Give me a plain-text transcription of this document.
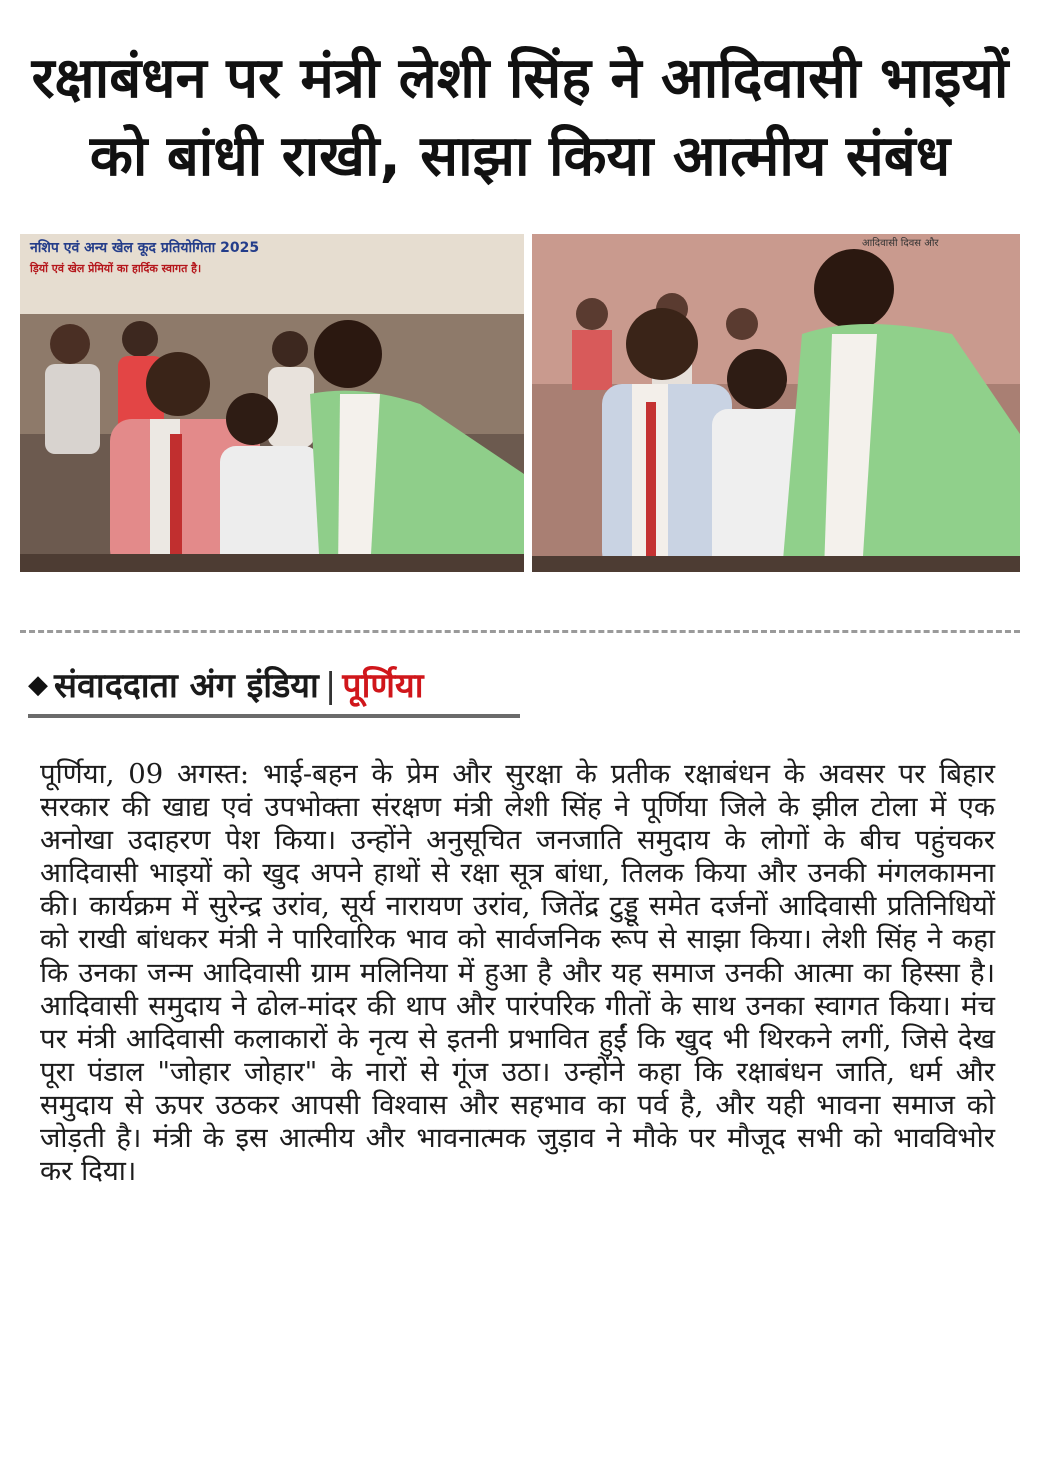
रक्षाबंधन पर मंत्री लेशी सिंह ने आदिवासी भाइयों
को बांधी राखी, साझा किया आत्मीय संबंध
नशिप एवं अन्य खेल कूद प्रतियोगिता 2025
ड़ियों एवं खेल प्रेमियों का हार्दिक स्वागत है।
आदिवासी दिवस और
◆ संवाददाता अंग इंडिया | पूर्णिया

पूर्णिया, 09 अगस्त: भाई-बहन के प्रेम और सुरक्षा के प्रतीक रक्षाबंधन के अवसर पर बिहार सरकार की खाद्य एवं उपभोक्ता संरक्षण मंत्री लेशी सिंह ने पूर्णिया जिले के झील टोला में एक अनोखा उदाहरण पेश किया। उन्होंने अनुसूचित जनजाति समुदाय के लोगों के बीच पहुंचकर आदिवासी भाइयों को खुद अपने हाथों से रक्षा सूत्र बांधा, तिलक किया और उनकी मंगलकामना की। कार्यक्रम में सुरेन्द्र उरांव, सूर्य नारायण उरांव, जितेंद्र टुड्डू समेत दर्जनों आदिवासी प्रतिनिधियों को राखी बांधकर मंत्री ने पारिवारिक भाव को सार्वजनिक रूप से साझा किया। लेशी सिंह ने कहा कि उनका जन्म आदिवासी ग्राम मलिनिया में हुआ है और यह समाज उनकी आत्मा का हिस्सा है। आदिवासी समुदाय ने ढोल-मांदर की थाप और पारंपरिक गीतों के साथ उनका स्वागत किया। मंच पर मंत्री आदिवासी कलाकारों के नृत्य से इतनी प्रभावित हुईं कि खुद भी थिरकने लगीं, जिसे देख पूरा पंडाल "जोहार जोहार" के नारों से गूंज उठा। उन्होंने कहा कि रक्षाबंधन जाति, धर्म और समुदाय से ऊपर उठकर आपसी विश्वास और सहभाव का पर्व है, और यही भावना समाज को जोड़ती है। मंत्री के इस आत्मीय और भावनात्मक जुड़ाव ने मौके पर मौजूद सभी को भावविभोर कर दिया।
